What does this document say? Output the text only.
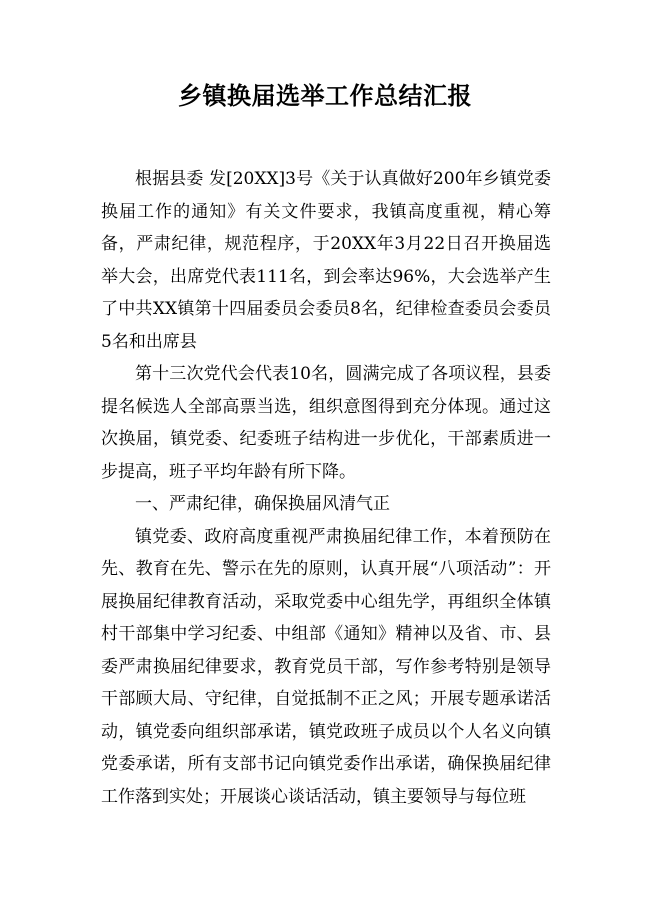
乡镇换届选举工作总结汇报

根据县委 发[20XX]3号《关于认真做好200年乡镇党委换届工作的通知》有关文件要求，我镇高度重视，精心筹备，严肃纪律，规范程序，于20XX年3月22日召开换届选举大会，出席党代表111名，到会率达96%，大会选举产生了中共XX镇第十四届委员会委员8名，纪律检查委员会委员5名和出席县

第十三次党代会代表10名，圆满完成了各项议程，县委提名候选人全部高票当选，组织意图得到充分体现。通过这次换届，镇党委、纪委班子结构进一步优化，干部素质进一步提高，班子平均年龄有所下降。

一、严肃纪律，确保换届风清气正

镇党委、政府高度重视严肃换届纪律工作，本着预防在先、教育在先、警示在先的原则，认真开展“八项活动”：开展换届纪律教育活动，采取党委中心组先学，再组织全体镇村干部集中学习纪委、中组部《通知》精神以及省、市、县委严肃换届纪律要求，教育党员干部，写作参考特别是领导干部顾大局、守纪律，自觉抵制不正之风；开展专题承诺活动，镇党委向组织部承诺，镇党政班子成员以个人名义向镇党委承诺，所有支部书记向镇党委作出承诺，确保换届纪律工作落到实处；开展谈心谈话活动，镇主要领导与每位班
